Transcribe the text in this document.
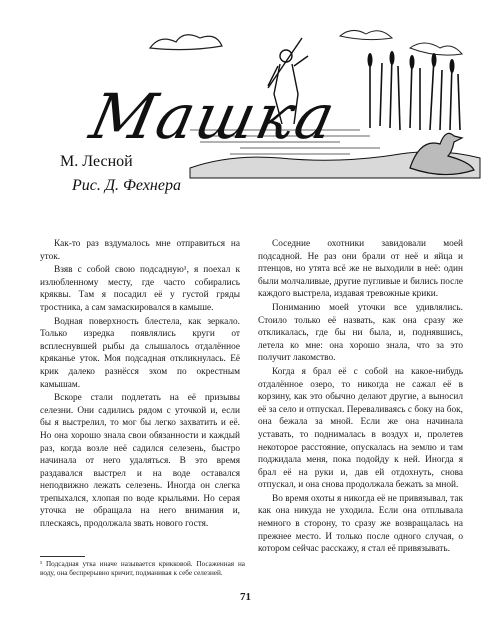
Машка
М. Лесной
Рис. Д. Фехнера

Как-то раз вздумалось мне отправиться на уток.

Взяв с собой свою подсадную¹, я поехал к излюбленному месту, где часто собирались кряквы. Там я посадил её у густой гряды тростника, а сам замаскировался в камыше.

Водная поверхность блестела, как зеркало. Только изредка появлялись круги от всплеснувшей рыбы да слышалось отдалённое кряканье уток. Моя подсадная откликнулась. Её крик далеко разнёсся эхом по окрестным камышам.

Вскоре стали подлетать на её призывы селезни. Они садились рядом с уточкой и, если бы я выстрелил, то мог бы легко захватить и её. Но она хорошо знала свои обязанности и каждый раз, когда возле неё садился селезень, быстро начинала от него удаляться. В это время раздавался выстрел и на воде оставался неподвижно лежать селезень. Иногда он слегка трепыхался, хлопая по воде крыльями. Но серая уточка не обращала на него внимания и, плескаясь, продолжала звать нового гостя.

Соседние охотники завидовали моей подсадной. Не раз они брали от неё и яйца и птенцов, но утята всё же не выходили в неё: один были молчаливые, другие пугливые и бились после каждого выстрела, издавая тревожные крики.

Пониманию моей уточки все удивлялись. Стоило только её назвать, как она сразу же откликалась, где бы ни была, и, поднявшись, летела ко мне: она хорошо знала, что за это получит лакомство.

Когда я брал её с собой на какое-нибудь отдалённое озеро, то никогда не сажал её в корзину, как это обычно делают другие, а выносил её за село и отпускал. Переваливаясь с боку на бок, она бежала за мной. Если же она начинала уставать, то поднималась в воздух и, пролетев некоторое расстояние, опускалась на землю и там поджидала меня, пока подойду к ней. Иногда я брал её на руки и, дав ей отдохнуть, снова отпускал, и она снова продолжала бежать за мной.

Во время охоты я никогда её не привязывал, так как она никуда не уходила. Если она отплывала немного в сторону, то сразу же возвращалась на прежнее место. И только после одного случая, о котором сейчас расскажу, я стал её привязывать.

¹ Подсадная утка иначе называется крикковой. Посаженная на воду, она беспрерывно кричит, подманивая к себе селезней.
71
